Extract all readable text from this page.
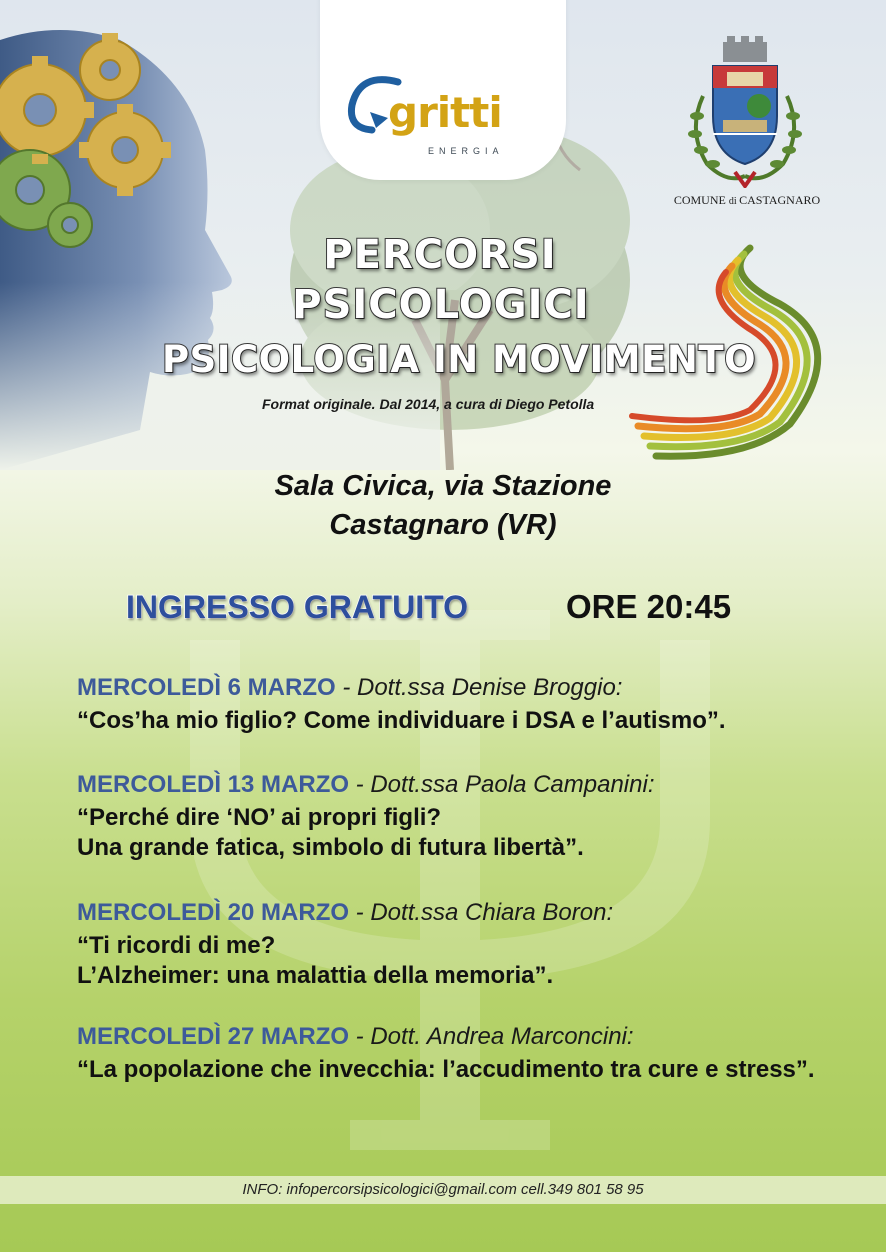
gritti
ENERGIA
COMUNE di CASTAGNARO
PERCORSI
PSICOLOGICI
PSICOLOGIA IN MOVIMENTO
Format originale. Dal 2014, a cura di Diego Petolla
Sala Civica, via Stazione
Castagnaro (VR)
INGRESSO GRATUITO	ORE 20:45
MERCOLEDÌ 6 MARZO - Dott.ssa Denise Broggio:
“Cos’ha mio figlio? Come individuare i DSA e l’autismo”.
MERCOLEDÌ 13 MARZO - Dott.ssa Paola Campanini:
“Perché dire ‘NO’ ai propri figli?
Una grande fatica, simbolo di futura libertà”.
MERCOLEDÌ 20 MARZO - Dott.ssa Chiara Boron:
“Ti ricordi di me?
L’Alzheimer: una malattia della memoria”.
MERCOLEDÌ 27 MARZO - Dott. Andrea Marconcini:
“La popolazione che invecchia: l’accudimento tra cure e stress”.
INFO: infopercorsipsicologici@gmail.com cell.349 801 58 95
